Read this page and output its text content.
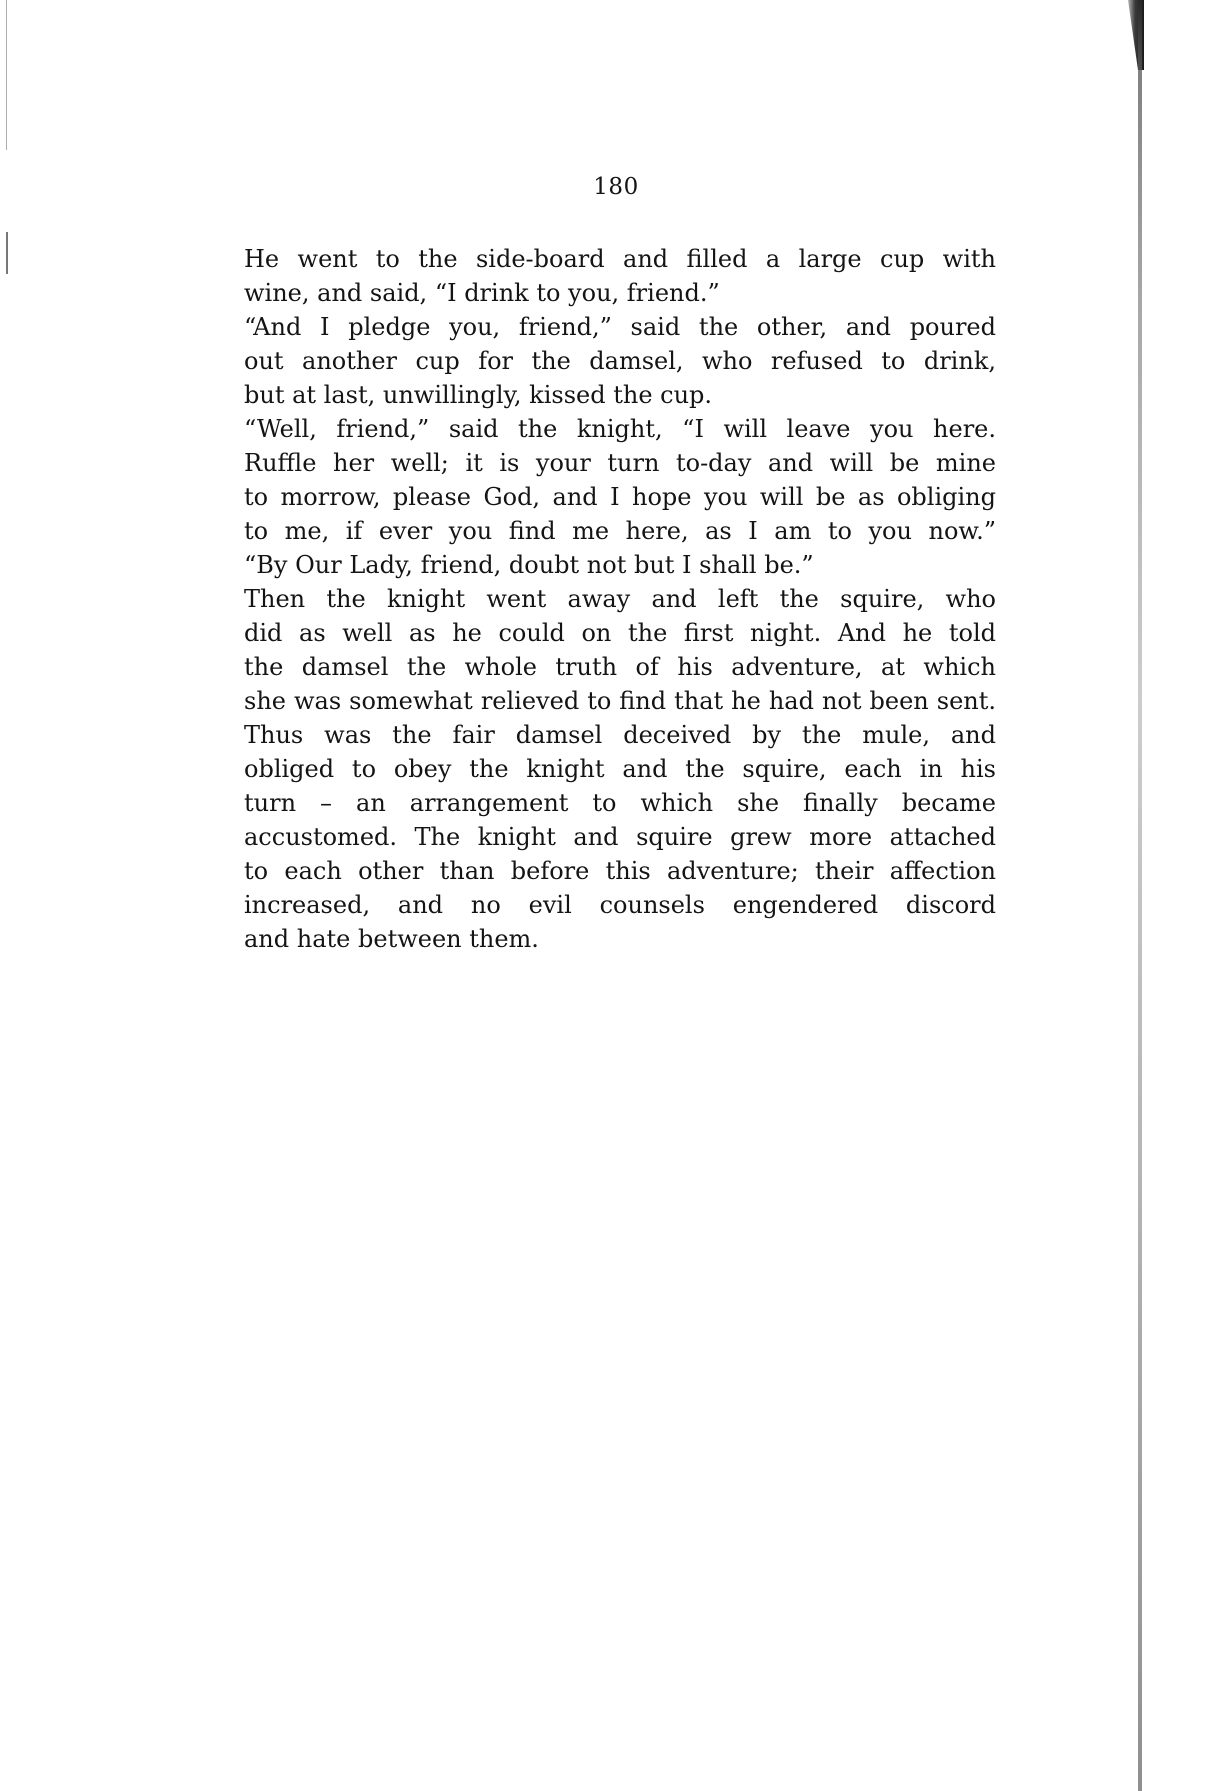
180
He went to the side-board and filled a large cup with
wine, and said, “I drink to you, friend.”
“And I pledge you, friend,” said the other, and poured
out another cup for the damsel, who refused to drink,
but at last, unwillingly, kissed the cup.
“Well, friend,” said the knight, “I will leave you here.
Ruffle her well; it is your turn to-day and will be mine
to morrow, please God, and I hope you will be as obliging
to me, if ever you find me here, as I am to you now.”
“By Our Lady, friend, doubt not but I shall be.”
Then the knight went away and left the squire, who
did as well as he could on the first night. And he told
the damsel the whole truth of his adventure, at which
she was somewhat relieved to find that he had not been sent.
Thus was the fair damsel deceived by the mule, and
obliged to obey the knight and the squire, each in his
turn – an arrangement to which she finally became
accustomed. The knight and squire grew more attached
to each other than before this adventure; their affection
increased, and no evil counsels engendered discord
and hate between them.
